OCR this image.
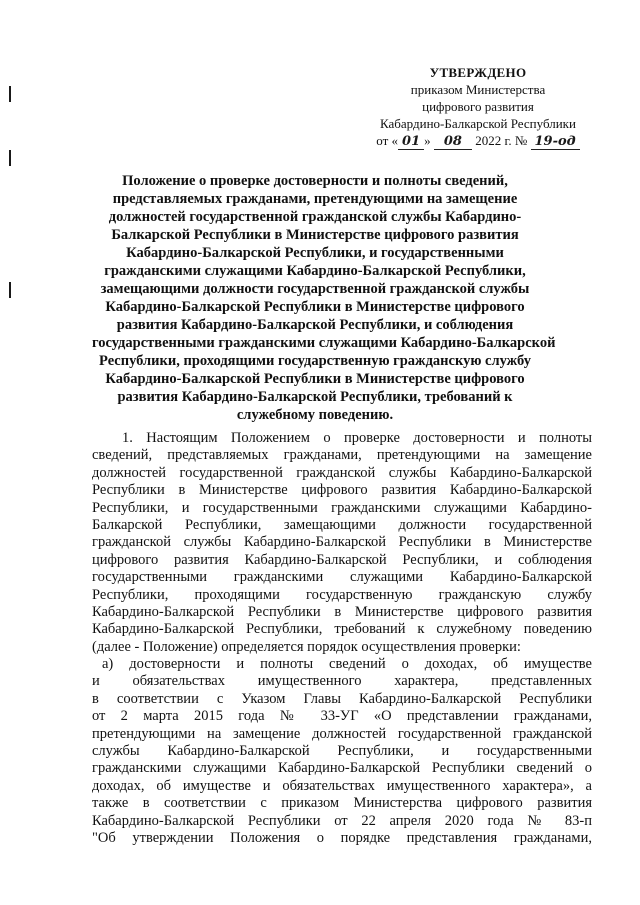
УТВЕРЖДЕНО
приказом Министерства
цифрового развития
Кабардино-Балкарской Республики
от « 01 » 08 2022 г. № 19-од
Положение о проверке достоверности и полноты сведений,
представляемых гражданами, претендующими на замещение
должностей государственной гражданской службы Кабардино-
Балкарской Республики в Министерстве цифрового развития
Кабардино-Балкарской Республики, и государственными
гражданскими служащими Кабардино-Балкарской Республики,
замещающими должности государственной гражданской службы
Кабардино-Балкарской Республики в Министерстве цифрового
развития Кабардино-Балкарской Республики, и соблюдения
государственными гражданскими служащими Кабардино-Балкарской
Республики, проходящими государственную гражданскую службу
Кабардино-Балкарской Республики в Министерстве цифрового
развития Кабардино-Балкарской Республики, требований к
служебному поведению.
1. Настоящим Положением о проверке достоверности и полноты
сведений, представляемых гражданами, претендующими на замещение
должностей государственной гражданской службы Кабардино-Балкарской
Республики в Министерстве цифрового развития Кабардино-Балкарской
Республики, и государственными гражданскими служащими Кабардино-
Балкарской Республики, замещающими должности государственной
гражданской службы Кабардино-Балкарской Республики в Министерстве
цифрового развития Кабардино-Балкарской Республики, и соблюдения
государственными гражданскими служащими Кабардино-Балкарской
Республики, проходящими государственную гражданскую службу
Кабардино-Балкарской Республики в Министерстве цифрового развития
Кабардино-Балкарской Республики, требований к служебному поведению
(далее - Положение) определяется порядок осуществления проверки:
а) достоверности и полноты сведений о доходах, об имуществе
и обязательствах имущественного характера, представленных
в соответствии с Указом Главы Кабардино-Балкарской Республики
от 2 марта 2015 года № 33-УГ «О представлении гражданами,
претендующими на замещение должностей государственной гражданской
службы Кабардино-Балкарской Республики, и государственными
гражданскими служащими Кабардино-Балкарской Республики сведений о
доходах, об имуществе и обязательствах имущественного характера», а
также в соответствии с приказом Министерства цифрового развития
Кабардино-Балкарской Республики от 22 апреля 2020 года № 83-п
"Об утверждении Положения о порядке представления гражданами,
